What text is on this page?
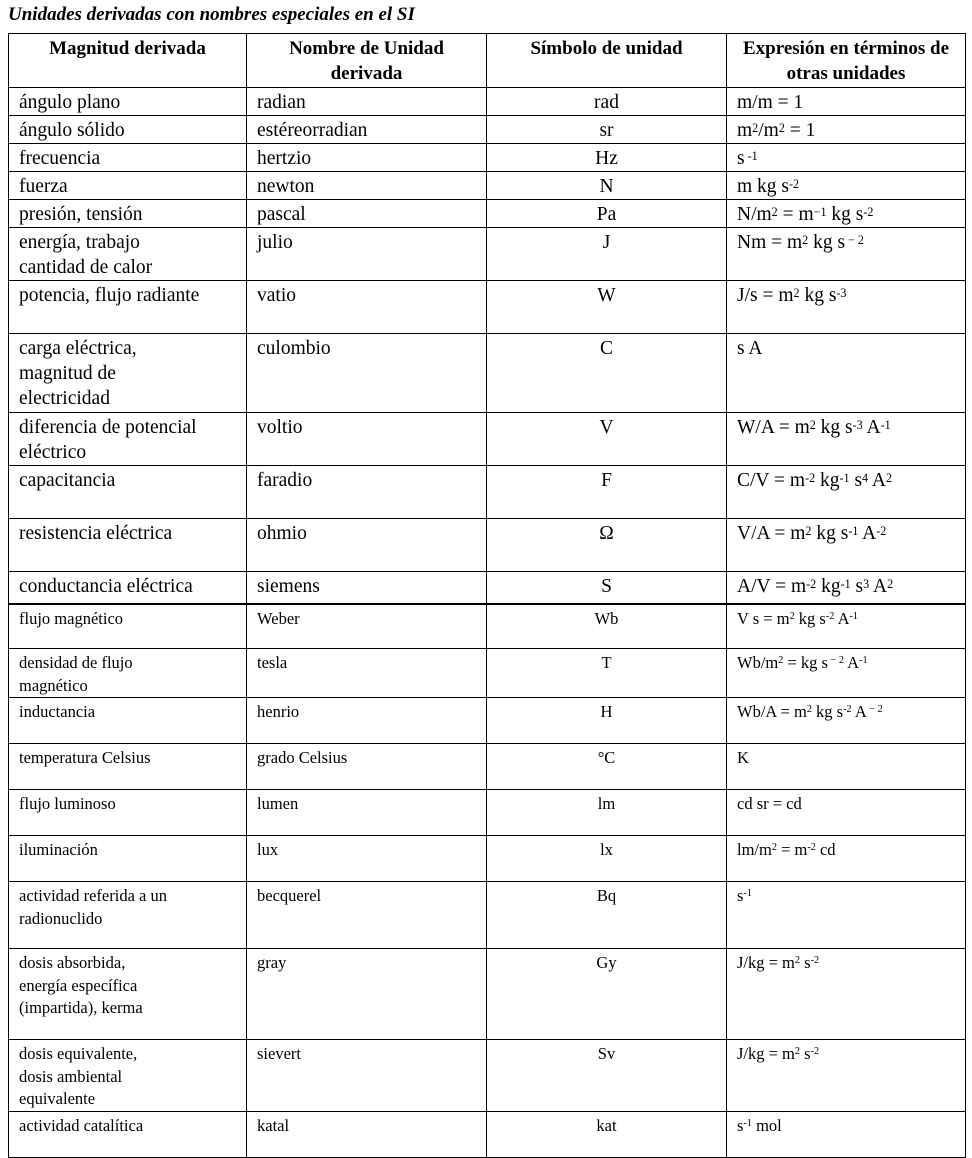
Unidades derivadas con nombres especiales en el SI
Magnitud derivada	Nombre de Unidad derivada	Símbolo de unidad	Expresión en términos de otras unidades
ángulo plano	radian	rad	m/m = 1
ángulo sólido	estéreorradian	sr	$m^2/m^2 = 1$
frecuencia	hertzio	Hz	s $^{-1}$
fuerza	newton	N	m kg $s^{-2}$
presión, tensión	pascal	Pa	$N/m^2 = m^{-1}$ kg $s^{-2}$
energía, trabajo
cantidad de calor	julio	J	$Nm = m^2$ kg s $^{- 2}$
potencia, flujo radiante	vatio	W	$J/s = m^2$ kg $s^{-3}$
carga eléctrica,
magnitud de
electricidad	culombio	C	s A
diferencia de potencial
eléctrico	voltio	V	$W/A = m^2$ kg $s^{-3}$ $A^{-1}$
capacitancia	faradio	F	$C/V = m^{-2}$ $kg^{-1}$ $s^4$ $A^2$
resistencia eléctrica	ohmio	Ω	$V/A = m^2$ kg $s^{-1}$ $A^{-2}$
conductancia eléctrica	siemens	S	$A/V = m^{-2}$ $kg^{-1}$ $s^3$ $A^2$
flujo magnético	Weber	Wb	V $s = m^2$ kg $s^{-2}$ $A^{-1}$
densidad de flujo
magnético	tesla	T	$Wb/m^2$ = kg s $^{- 2}$ $A^{-1}$
inductancia	henrio	H	$Wb/A = m^2$ kg $s^{-2}$ A $^{- 2}$
temperatura Celsius	grado Celsius	°C	K
flujo luminoso	lumen	lm	cd sr = cd
iluminación	lux	lx	$lm/m^2 = m^{-2}$ cd
actividad referida a un
radionuclido	becquerel	Bq	$s^{-1}$
dosis absorbida,
energía específica
(impartida), kerma	gray	Gy	$J/kg = m^2$ $s^{-2}$
dosis equivalente,
dosis ambiental
equivalente	sievert	Sv	$J/kg = m^2$ $s^{-2}$
actividad catalítica	katal	kat	$s^{-1}$ mol
